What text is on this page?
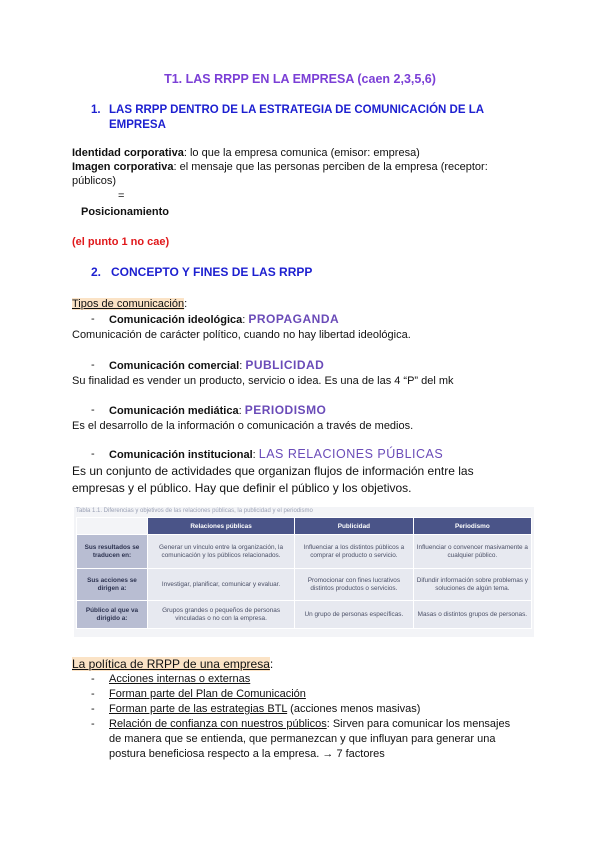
T1. LAS RRPP EN LA EMPRESA (caen 2,3,5,6)
1. LAS RRPP DENTRO DE LA ESTRATEGIA DE COMUNICACIÓN DE LA
EMPRESA
Identidad corporativa: lo que la empresa comunica (emisor: empresa)
Imagen corporativa: el mensaje que las personas perciben de la empresa (receptor:
públicos)
=
Posicionamiento
(el punto 1 no cae)
2. CONCEPTO Y FINES DE LAS RRPP
Tipos de comunicación:
- Comunicación ideológica: PROPAGANDA
Comunicación de carácter político, cuando no hay libertad ideológica.
- Comunicación comercial: PUBLICIDAD
Su finalidad es vender un producto, servicio o idea. Es una de las 4 “P” del mk
- Comunicación mediática: PERIODISMO
Es el desarrollo de la información o comunicación a través de medios.
- Comunicación institucional: LAS RELACIONES PÚBLICAS
Es un conjunto de actividades que organizan flujos de información entre las
empresas y el público. Hay que definir el público y los objetivos.
Tabla 1.1. Diferencias y objetivos de las relaciones públicas, la publicidad y el periodismo
	Relaciones públicas	Publicidad	Periodismo
Sus resultados se traducen en:	Generar un vínculo entre la organización, la comunicación y los públicos relacionados.	Influenciar a los distintos públicos a comprar el producto o servicio.	Influenciar o convencer masivamente a cualquier público.
Sus acciones se dirigen a:	Investigar, planificar, comunicar y evaluar.	Promocionar con fines lucrativos distintos productos o servicios.	Difundir información sobre problemas y soluciones de algún tema.
Público al que va dirigido a:	Grupos grandes o pequeños de personas vinculadas o no con la empresa.	Un grupo de personas específicas.	Masas o distintos grupos de personas.
La política de RRPP de una empresa:
- Acciones internas o externas
- Forman parte del Plan de Comunicación
- Forman parte de las estrategias BTL (acciones menos masivas)
- Relación de confianza con nuestros públicos: Sirven para comunicar los mensajes
de manera que se entienda, que permanezcan y que influyan para generar una
postura beneficiosa respecto a la empresa. → 7 factores
